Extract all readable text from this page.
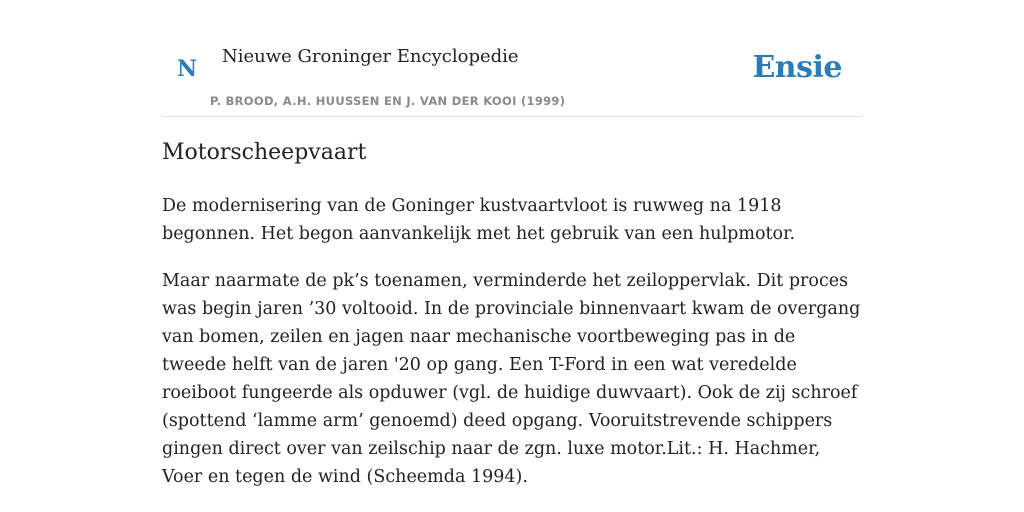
N Nieuwe Groninger Encyclopedie
P. BROOD, A.H. HUUSSEN EN J. VAN DER KOOI (1999)
Ensie
Motorscheepvaart

De modernisering van de Goninger kustvaartvloot is ruwweg na 1918 begonnen. Het begon aanvankelijk met het gebruik van een hulpmotor.

Maar naarmate de pk’s toenamen, verminderde het zeiloppervlak. Dit proces was begin jaren ’30 voltooid. In de provinciale binnenvaart kwam de overgang van bomen, zeilen en jagen naar mechanische voortbeweging pas in de tweede helft van de jaren '20 op gang. Een T-Ford in een wat veredelde roeiboot fungeerde als opduwer (vgl. de huidige duwvaart). Ook de zij schroef (spottend ‘lamme arm’ genoemd) deed opgang. Vooruitstrevende schippers gingen direct over van zeilschip naar de zgn. luxe motor.Lit.: H. Hachmer, Voer en tegen de wind (Scheemda 1994).
